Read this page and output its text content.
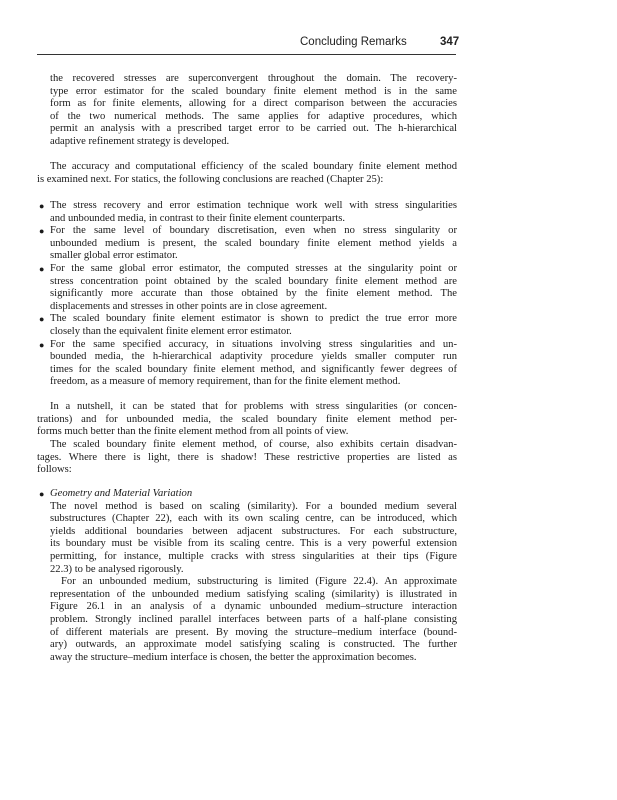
Concluding Remarks	347
the recovered stresses are superconvergent throughout the domain. The recovery-
type error estimator for the scaled boundary finite element method is in the same
form as for finite elements, allowing for a direct comparison between the accuracies
of the two numerical methods. The same applies for adaptive procedures, which
permit an analysis with a prescribed target error to be carried out. The h-hierarchical
adaptive refinement strategy is developed.
The accuracy and computational efficiency of the scaled boundary finite element method
is examined next. For statics, the following conclusions are reached (Chapter 25):
● The stress recovery and error estimation technique work well with stress singularities
and unbounded media, in contrast to their finite element counterparts.
● For the same level of boundary discretisation, even when no stress singularity or
unbounded medium is present, the scaled boundary finite element method yields a
smaller global error estimator.
● For the same global error estimator, the computed stresses at the singularity point or
stress concentration point obtained by the scaled boundary finite element method are
significantly more accurate than those obtained by the finite element method. The
displacements and stresses in other points are in close agreement.
● The scaled boundary finite element estimator is shown to predict the true error more
closely than the equivalent finite element error estimator.
● For the same specified accuracy, in situations involving stress singularities and un-
bounded media, the h-hierarchical adaptivity procedure yields smaller computer run
times for the scaled boundary finite element method, and significantly fewer degrees of
freedom, as a measure of memory requirement, than for the finite element method.
In a nutshell, it can be stated that for problems with stress singularities (or concen-
trations) and for unbounded media, the scaled boundary finite element method per-
forms much better than the finite element method from all points of view.
The scaled boundary finite element method, of course, also exhibits certain disadvan-
tages. Where there is light, there is shadow! These restrictive properties are listed as
follows:
● Geometry and Material Variation
The novel method is based on scaling (similarity). For a bounded medium several
substructures (Chapter 22), each with its own scaling centre, can be introduced, which
yields additional boundaries between adjacent substructures. For each substructure,
its boundary must be visible from its scaling centre. This is a very powerful extension
permitting, for instance, multiple cracks with stress singularities at their tips (Figure
22.3) to be analysed rigorously.
For an unbounded medium, substructuring is limited (Figure 22.4). An approximate
representation of the unbounded medium satisfying scaling (similarity) is illustrated in
Figure 26.1 in an analysis of a dynamic unbounded medium–structure interaction
problem. Strongly inclined parallel interfaces between parts of a half-plane consisting
of different materials are present. By moving the structure–medium interface (bound-
ary) outwards, an approximate model satisfying scaling is constructed. The further
away the structure–medium interface is chosen, the better the approximation becomes.
